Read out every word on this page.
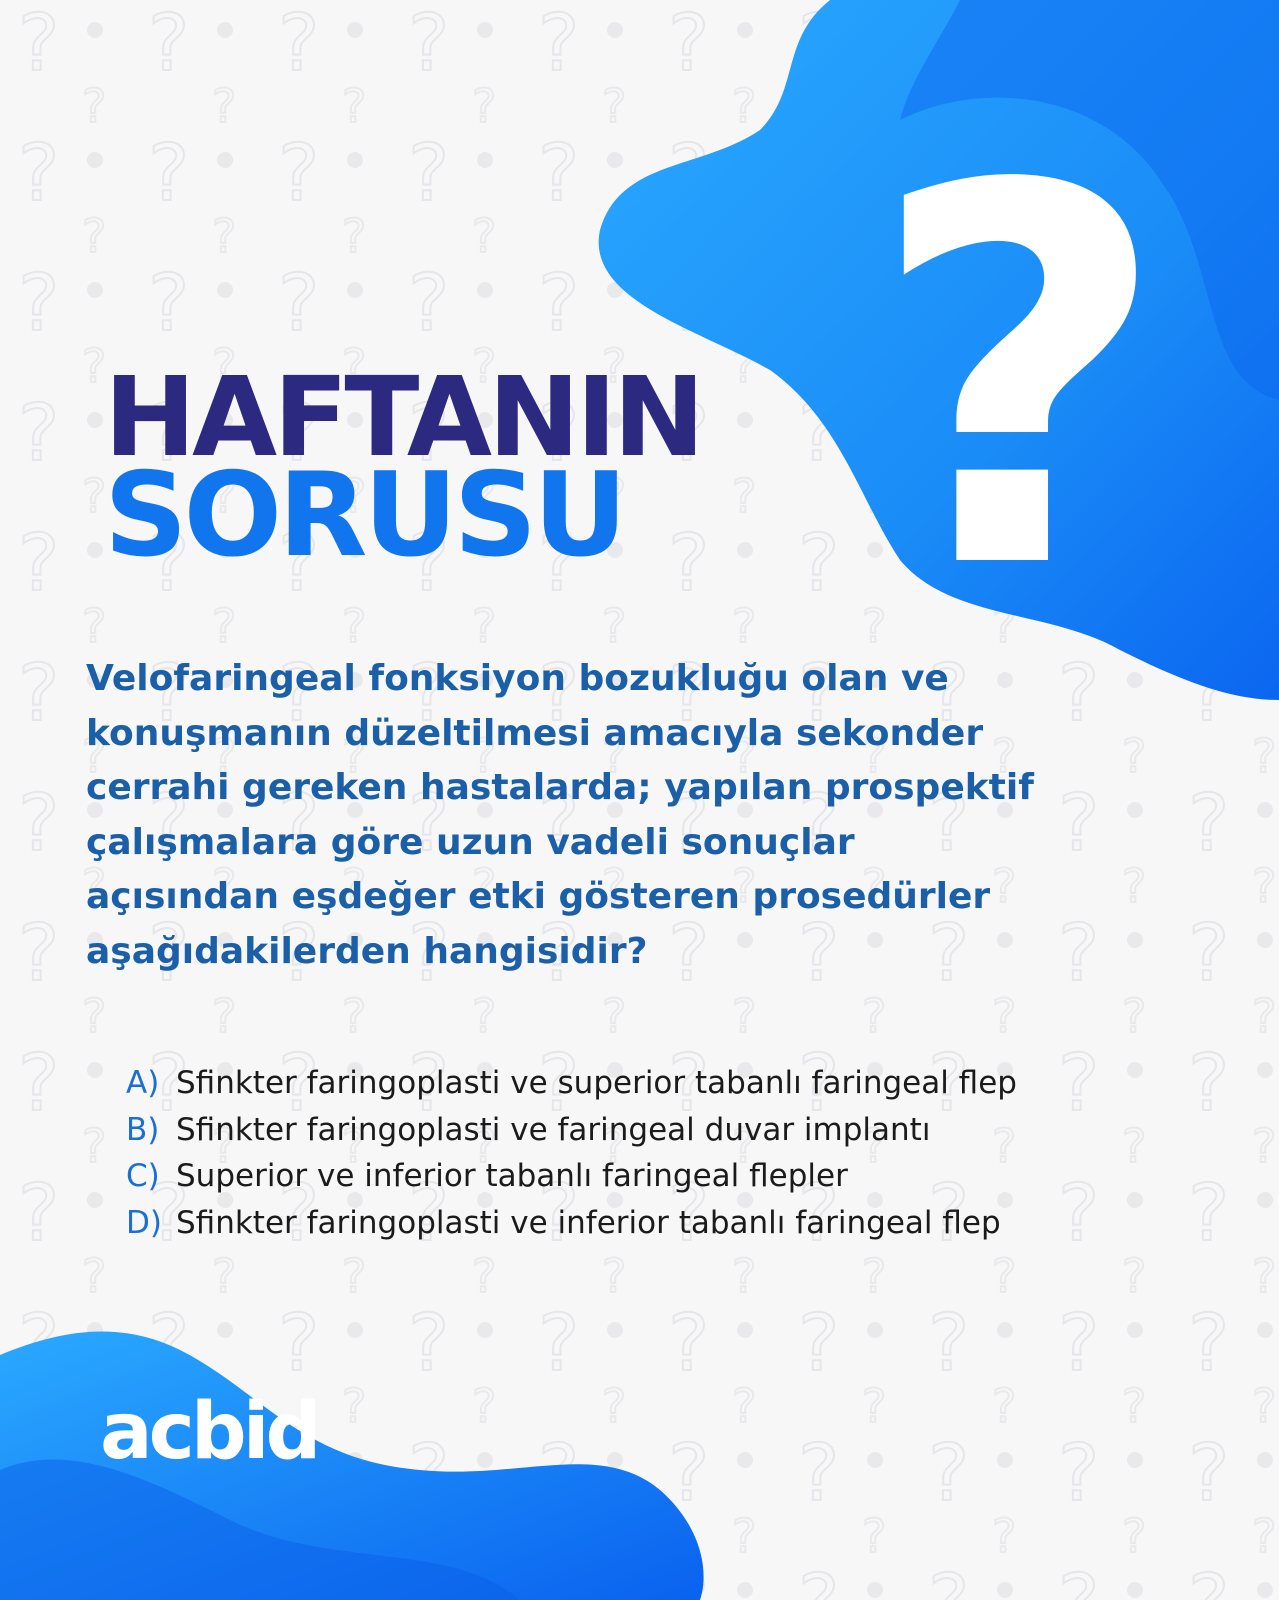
?
HAFTANIN
SORUSU

Velofaringeal fonksiyon bozukluğu olan ve
konuşmanın düzeltilmesi amacıyla sekonder
cerrahi gereken hastalarda; yapılan prospektif
çalışmalara göre uzun vadeli sonuçlar
açısından eşdeğer etki gösteren prosedürler
aşağıdakilerden hangisidir?

A) Sfinkter faringoplasti ve superior tabanlı faringeal flep
B) Sfinkter faringoplasti ve faringeal duvar implantı
C) Superior ve inferior tabanlı faringeal flepler
D) Sfinkter faringoplasti ve inferior tabanlı faringeal flep
acbid
